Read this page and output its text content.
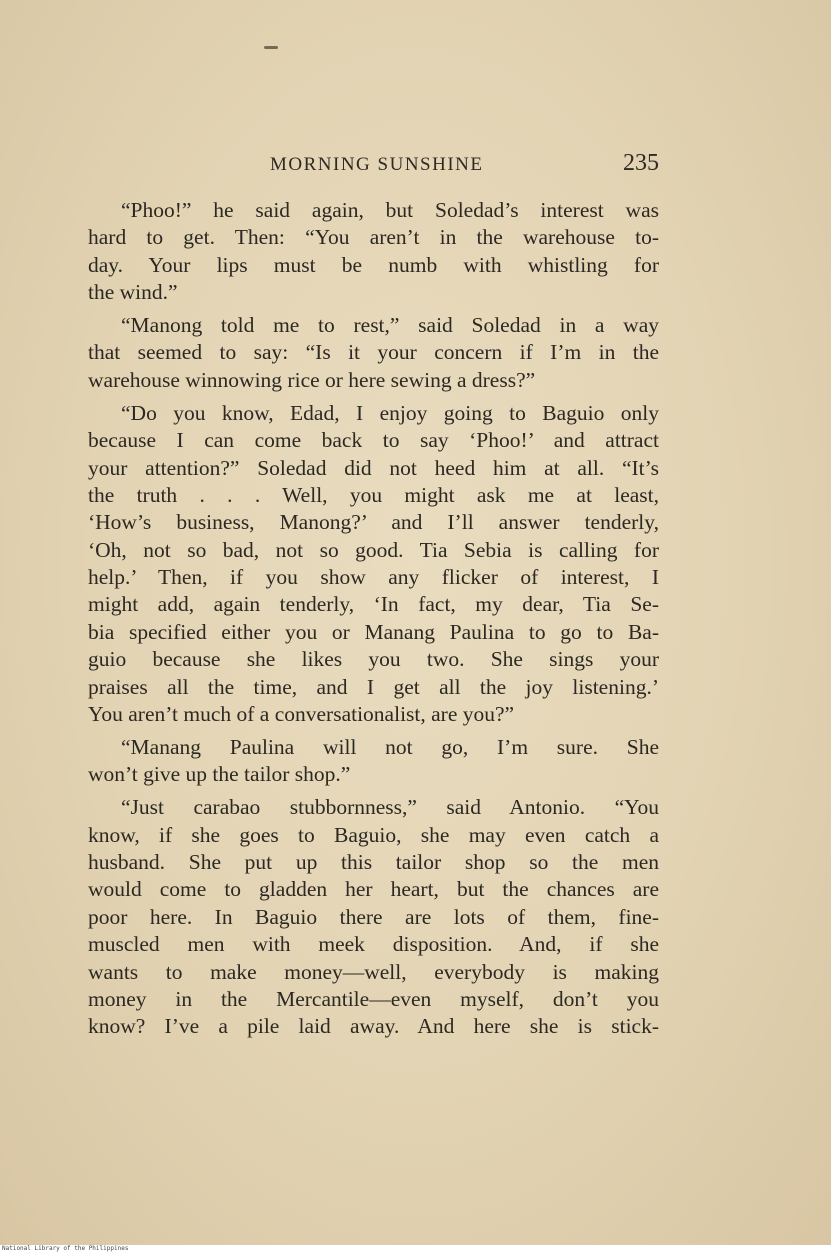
MORNING SUNSHINE	235
“Phoo!” he said again, but Soledad’s interest was
hard to get. Then: “You aren’t in the warehouse to-
day. Your lips must be numb with whistling for
the wind.”
“Manong told me to rest,” said Soledad in a way
that seemed to say: “Is it your concern if I’m in the
warehouse winnowing rice or here sewing a dress?”
“Do you know, Edad, I enjoy going to Baguio only
because I can come back to say ‘Phoo!’ and attract
your attention?” Soledad did not heed him at all. “It’s
the truth . . . Well, you might ask me at least,
‘How’s business, Manong?’ and I’ll answer tenderly,
‘Oh, not so bad, not so good. Tia Sebia is calling for
help.’ Then, if you show any flicker of interest, I
might add, again tenderly, ‘In fact, my dear, Tia Se-
bia specified either you or Manang Paulina to go to Ba-
guio because she likes you two. She sings your
praises all the time, and I get all the joy listening.’
You aren’t much of a conversationalist, are you?”
“Manang Paulina will not go, I’m sure. She
won’t give up the tailor shop.”
“Just carabao stubbornness,” said Antonio. “You
know, if she goes to Baguio, she may even catch a
husband. She put up this tailor shop so the men
would come to gladden her heart, but the chances are
poor here. In Baguio there are lots of them, fine-
muscled men with meek disposition. And, if she
wants to make money—well, everybody is making
money in the Mercantile—even myself, don’t you
know? I’ve a pile laid away. And here she is stick-
National Library of the Philippines
